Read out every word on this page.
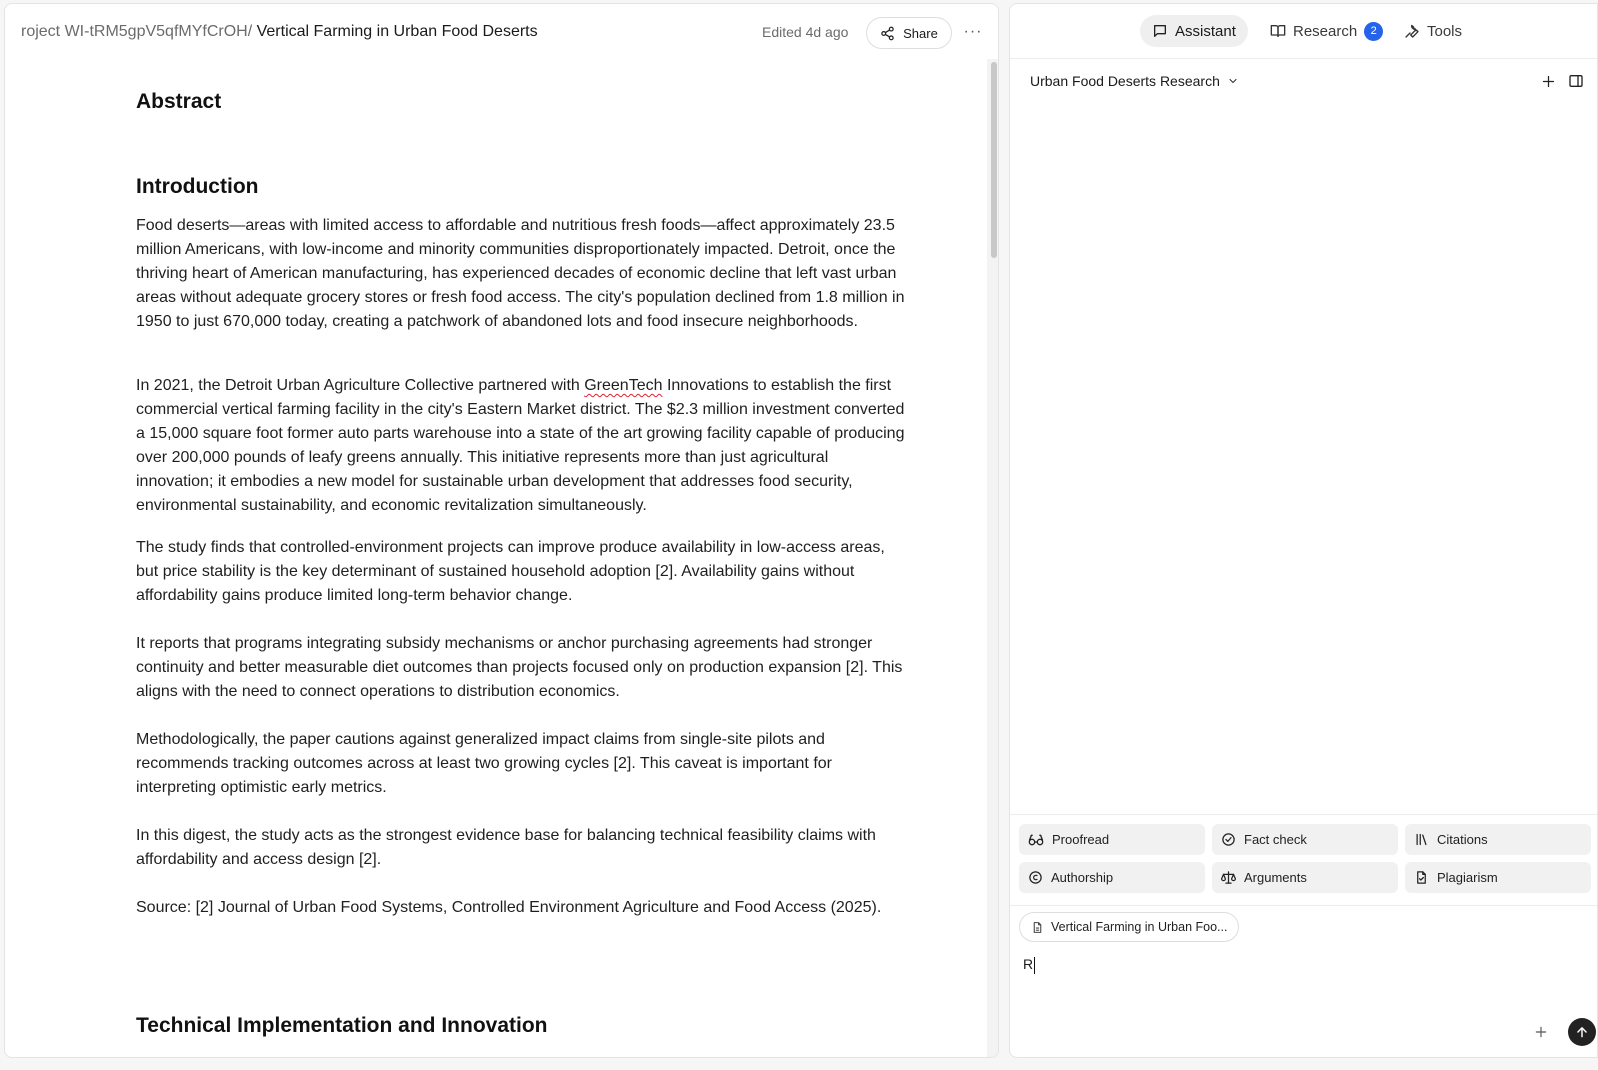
roject WI-tRM5gpV5qfMYfCrOH/ Vertical Farming in Urban Food Deserts	Edited 4d ago	Share ···
Abstract
Introduction

Food deserts—areas with limited access to affordable and nutritious fresh foods—affect approximately 23.5 million Americans, with low-income and minority communities disproportionately impacted. Detroit, once the thriving heart of American manufacturing, has experienced decades of economic decline that left vast urban areas without adequate grocery stores or fresh food access. The city's population declined from 1.8 million in 1950 to just 670,000 today, creating a patchwork of abandoned lots and food insecure neighborhoods.

In 2021, the Detroit Urban Agriculture Collective partnered with GreenTech Innovations to establish the first commercial vertical farming facility in the city's Eastern Market district. The $2.3 million investment converted a 15,000 square foot former auto parts warehouse into a state of the art growing facility capable of producing over 200,000 pounds of leafy greens annually. This initiative represents more than just agricultural innovation; it embodies a new model for sustainable urban development that addresses food security, environmental sustainability, and economic revitalization simultaneously.

The study finds that controlled-environment projects can improve produce availability in low-access areas, but price stability is the key determinant of sustained household adoption [2]. Availability gains without affordability gains produce limited long-term behavior change.

It reports that programs integrating subsidy mechanisms or anchor purchasing agreements had stronger continuity and better measurable diet outcomes than projects focused only on production expansion [2]. This aligns with the need to connect operations to distribution economics.

Methodologically, the paper cautions against generalized impact claims from single-site pilots and recommends tracking outcomes across at least two growing cycles [2]. This caveat is important for interpreting optimistic early metrics.

In this digest, the study acts as the strongest evidence base for balancing technical feasibility claims with affordability and access design [2].

Source: [2] Journal of Urban Food Systems, Controlled Environment Agriculture and Food Access (2025).

Technical Implementation and Innovation
Assistant	Research	2	Tools
Urban Food Deserts Research
Proofread	Fact check	Citations
Authorship	Arguments	Plagiarism
Vertical Farming in Urban Foo...
R
